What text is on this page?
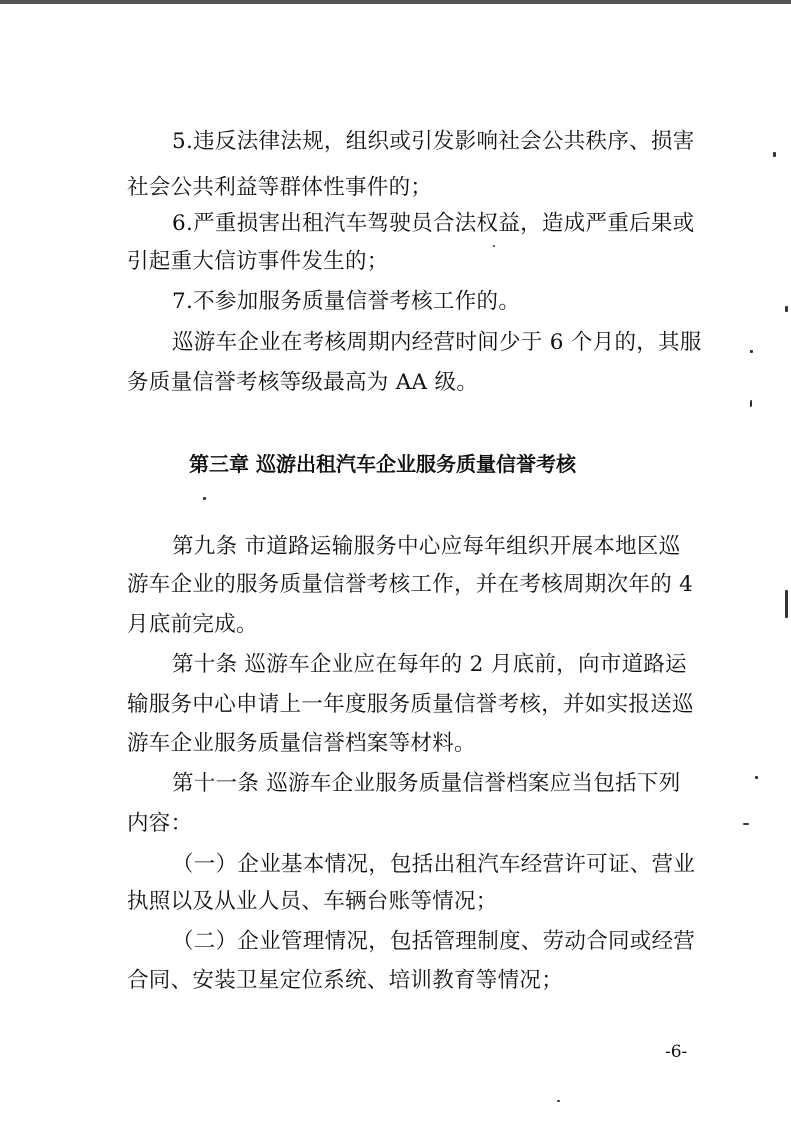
5.违反法律法规，组织或引发影响社会公共秩序、损害
社会公共利益等群体性事件的；
6.严重损害出租汽车驾驶员合法权益，造成严重后果或
引起重大信访事件发生的；
7.不参加服务质量信誉考核工作的。
巡游车企业在考核周期内经营时间少于 6 个月的，其服
务质量信誉考核等级最高为 AA 级。
第三章 巡游出租汽车企业服务质量信誉考核
第九条 市道路运输服务中心应每年组织开展本地区巡
游车企业的服务质量信誉考核工作，并在考核周期次年的 4
月底前完成。
第十条 巡游车企业应在每年的 2 月底前，向市道路运
输服务中心申请上一年度服务质量信誉考核，并如实报送巡
游车企业服务质量信誉档案等材料。
第十一条 巡游车企业服务质量信誉档案应当包括下列
内容：
（一）企业基本情况，包括出租汽车经营许可证、营业
执照以及从业人员、车辆台账等情况；
（二）企业管理情况，包括管理制度、劳动合同或经营
合同、安装卫星定位系统、培训教育等情况；
-6-
